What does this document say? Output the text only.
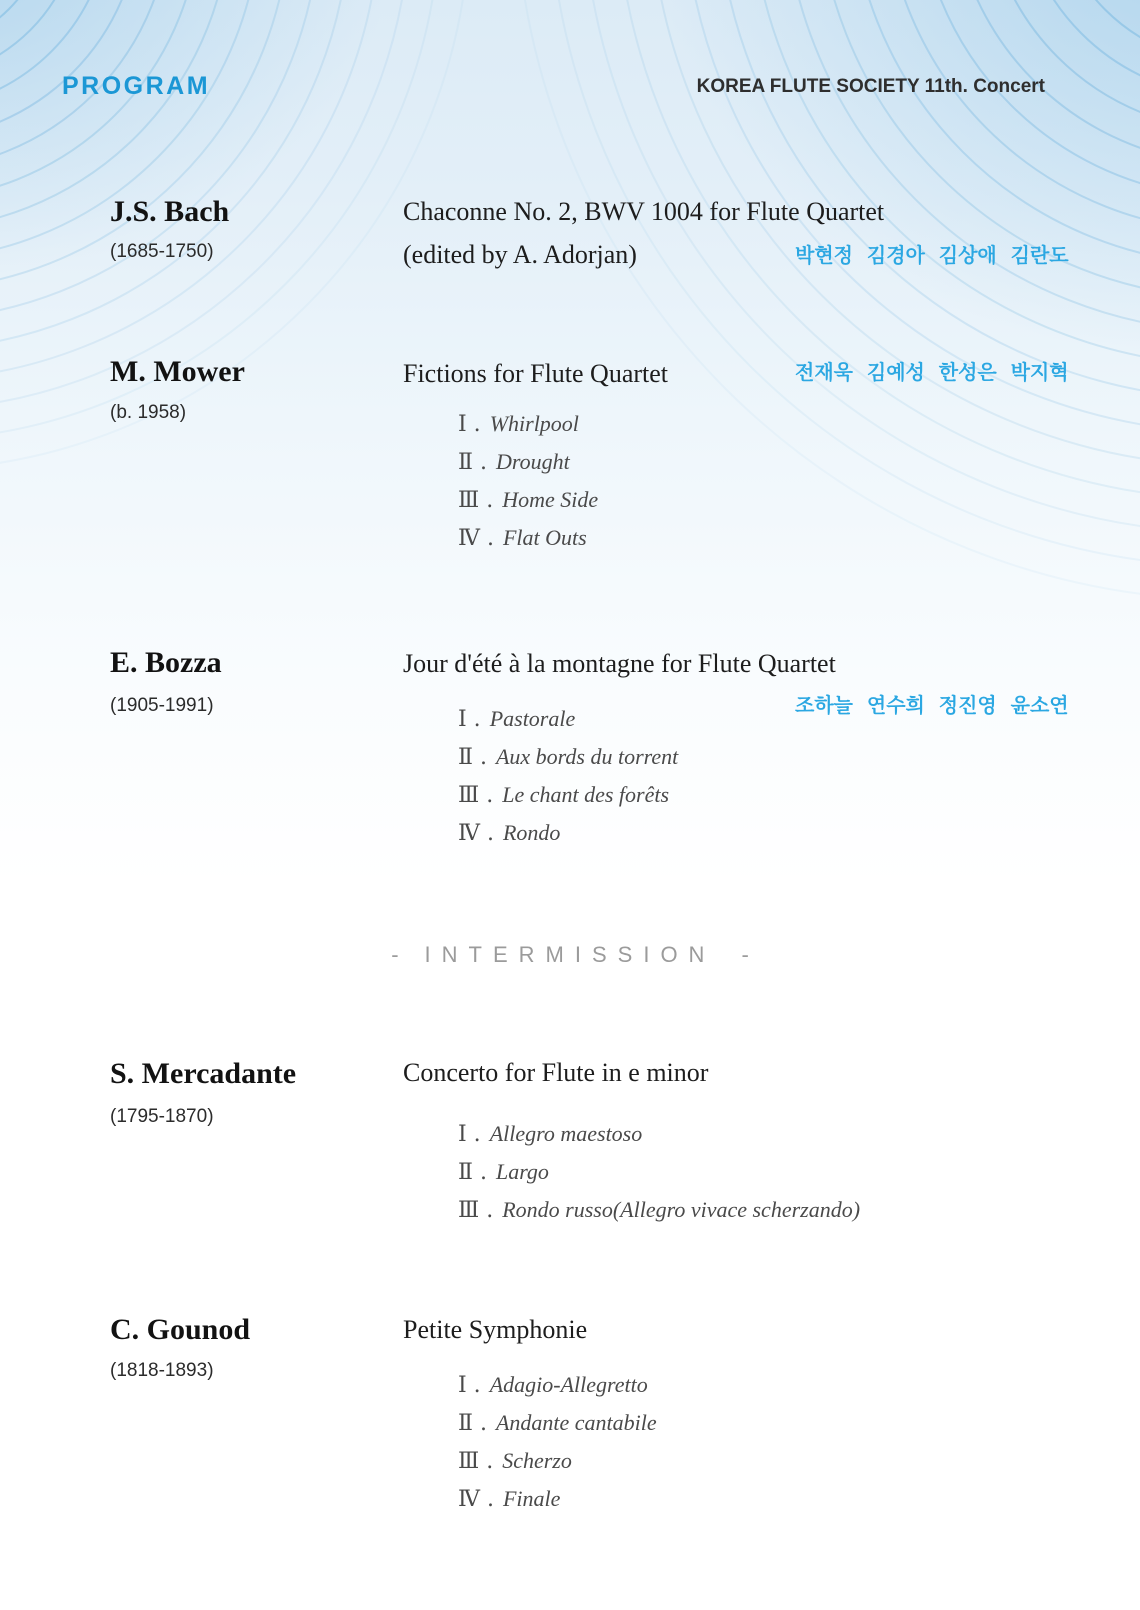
PROGRAM	KOREA FLUTE SOCIETY 11th. Concert
J.S. Bach
(1685-1750)
Chaconne No. 2, BWV 1004 for Flute Quartet
(edited by A. Adorjan)	박현정  김경아  김상애  김란도
M. Mower
(b. 1958)
Fictions for Flute Quartet	전재욱  김예성  한성은  박지혁
Ⅰ . Whirlpool
Ⅱ . Drought
Ⅲ . Home Side
Ⅳ . Flat Outs
E. Bozza
(1905-1991)
Jour d'été à la montagne for Flute Quartet
조하늘  연수희  정진영  윤소연
Ⅰ . Pastorale
Ⅱ . Aux bords du torrent
Ⅲ . Le chant des forêts
Ⅳ . Rondo
- INTERMISSION -
S. Mercadante
(1795-1870)
Concerto for Flute in e minor
Ⅰ . Allegro maestoso
Ⅱ . Largo
Ⅲ . Rondo russo(Allegro vivace scherzando)
C. Gounod
(1818-1893)
Petite Symphonie
Ⅰ . Adagio-Allegretto
Ⅱ . Andante cantabile
Ⅲ . Scherzo
Ⅳ . Finale
